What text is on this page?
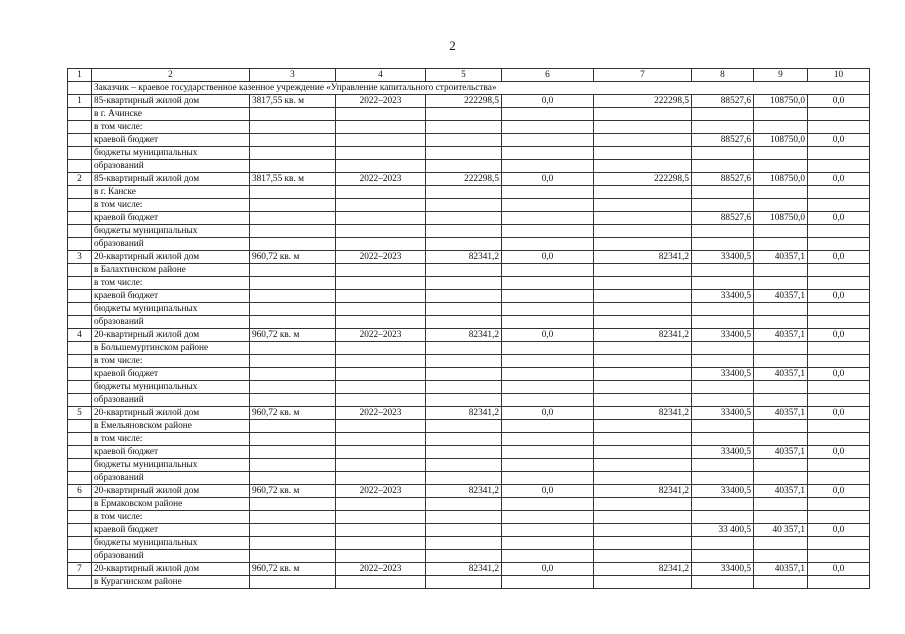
2
1	2	3	4	5	6	7	8	9	10
	Заказчик – краевое государственное казенное учреждение «Управление капитального строительства»								
1	85-квартирный жилой дом	3817,55 кв. м	2022–2023	222298,5	0,0	222298,5	88527,6	108750,0	0,0
	в г. Ачинске								
	в том числе:								
	краевой бюджет						88527,6	108750,0	0,0
	бюджеты муниципальных								
	образований								
2	85-квартирный жилой дом	3817,55 кв. м	2022–2023	222298,5	0,0	222298,5	88527,6	108750,0	0,0
	в г. Канске								
	в том числе:								
	краевой бюджет						88527,6	108750,0	0,0
	бюджеты муниципальных								
	образований								
3	20-квартирный жилой дом	960,72 кв. м	2022–2023	82341,2	0,0	82341,2	33400,5	40357,1	0,0
	в Балахтинском районе								
	в том числе:								
	краевой бюджет						33400,5	40357,1	0,0
	бюджеты муниципальных								
	образований								
4	20-квартирный жилой дом	960,72 кв. м	2022–2023	82341,2	0,0	82341,2	33400,5	40357,1	0,0
	в Большемуртинском районе								
	в том числе:								
	краевой бюджет						33400,5	40357,1	0,0
	бюджеты муниципальных								
	образований								
5	20-квартирный жилой дом	960,72 кв. м	2022–2023	82341,2	0,0	82341,2	33400,5	40357,1	0,0
	в Емельяновском районе								
	в том числе:								
	краевой бюджет						33400,5	40357,1	0,0
	бюджеты муниципальных								
	образований								
6	20-квартирный жилой дом	960,72 кв. м	2022–2023	82341,2	0,0	82341,2	33400,5	40357,1	0,0
	в Ермаковском районе								
	в том числе:								
	краевой бюджет						33 400,5	40 357,1	0,0
	бюджеты муниципальных								
	образований								
7	20-квартирный жилой дом	960,72 кв. м	2022–2023	82341,2	0,0	82341,2	33400,5	40357,1	0,0
	в Курагинском районе								
